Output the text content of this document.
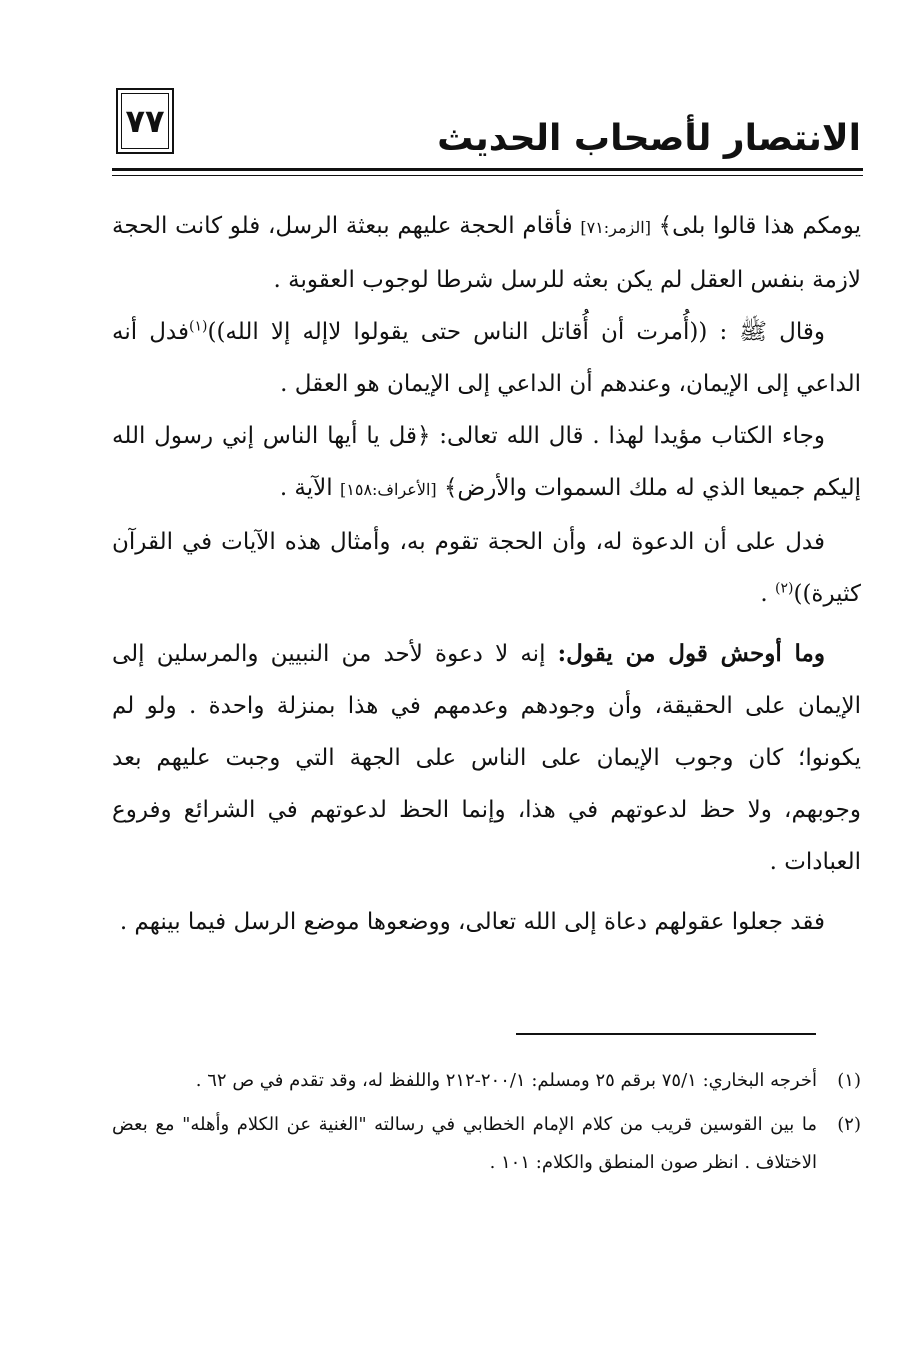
٧٧	الانتصار لأصحاب الحديث

يومكم هذا قالوا بلى﴾ [الزمر:٧١] فأقام الحجة عليهم ببعثة الرسل، فلو كانت الحجة لازمة بنفس العقل لم يكن بعثه للرسل شرطا لوجوب العقوبة .

وقال ﷺ : ((أُمرت أن أُقاتل الناس حتى يقولوا لاإله إلا الله))$^{(١)}$فدل أنه الداعي إلى الإيمان، وعندهم أن الداعي إلى الإيمان هو العقل .

وجاء الكتاب مؤيدا لهذا . قال الله تعالى: ﴿قل يا أيها الناس إني رسول الله إليكم جميعا الذي له ملك السموات والأرض﴾ [الأعراف:١٥٨] الآية .

فدل على أن الدعوة له، وأن الحجة تقوم به، وأمثال هذه الآيات في القرآن كثيرة))$^{(٢)}$ .

وما أوحش قول من يقول: إنه لا دعوة لأحد من النبيين والمرسلين إلى الإيمان على الحقيقة، وأن وجودهم وعدمهم في هذا بمنزلة واحدة . ولو لم يكونوا؛ كان وجوب الإيمان على الناس على الجهة التي وجبت عليهم بعد وجوبهم، ولا حظ لدعوتهم في هذا، وإنما الحظ لدعوتهم في الشرائع وفروع العبادات .

فقد جعلوا عقولهم دعاة إلى الله تعالى، ووضعوها موضع الرسل فيما بينهم .

(١)
أخرجه البخاري: ٧٥/١ برقم ٢٥ ومسلم: ٢٠٠/١-٢١٢ واللفظ له، وقد تقدم في ص ٦٢ .
(٢)
ما بين القوسين قريب من كلام الإمام الخطابي في رسالته "الغنية عن الكلام وأهله" مع بعض الاختلاف . انظر صون المنطق والكلام: ١٠١ .
